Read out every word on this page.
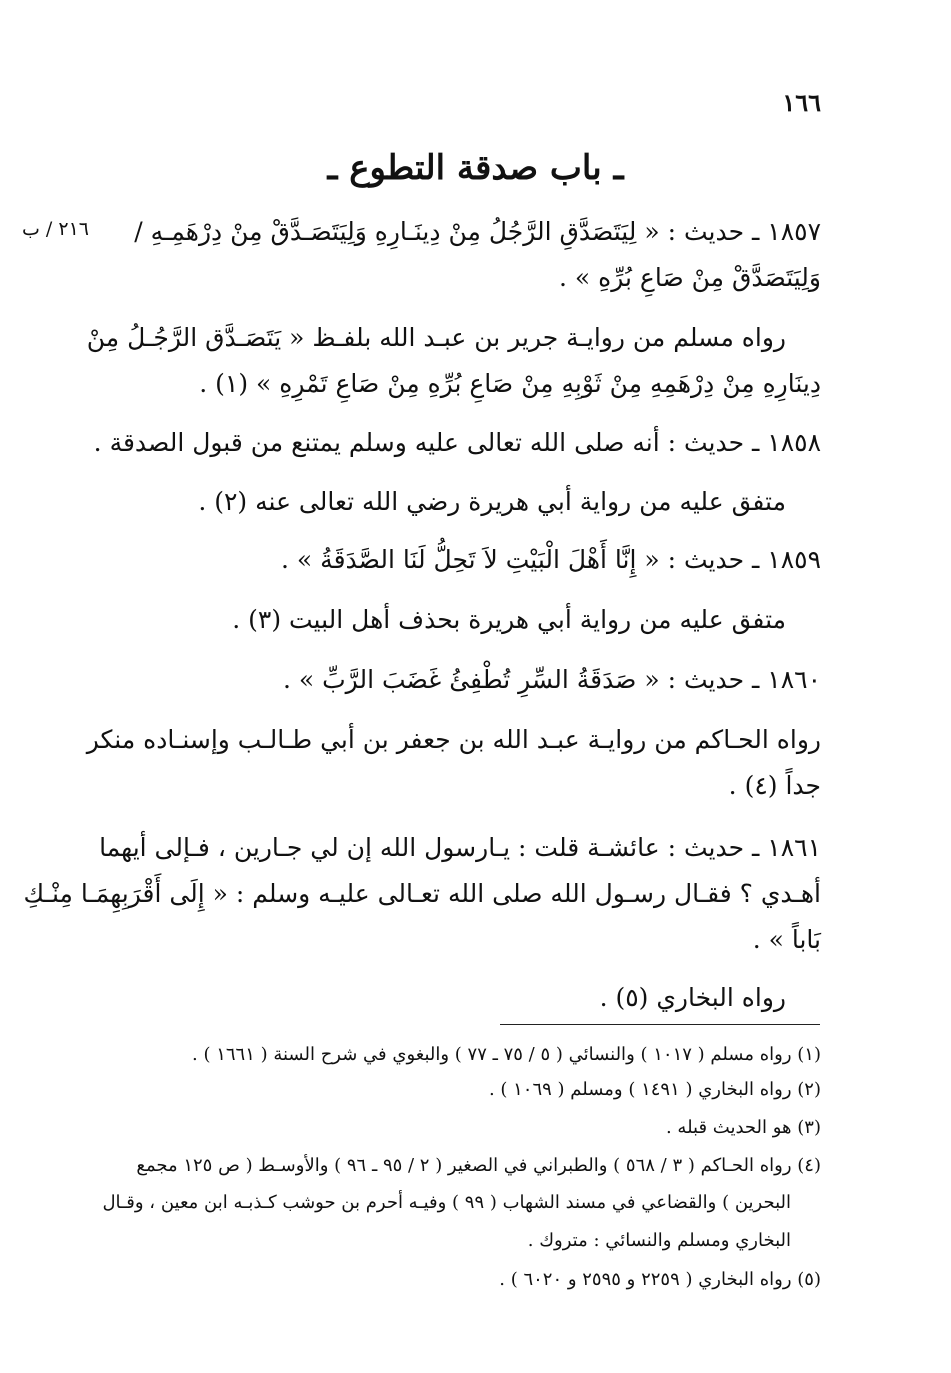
١٦٦
ـ باب صدقة التطوع ـ
٢١٦ / ب ١٨٥٧ ـ حديث : « لِيَتَصَدَّقِ الرَّجُلُ مِنْ دِينَـارِهِ وَلِيَتَصَـدَّقْ مِنْ دِرْهَمِـهِ /
وَلِيَتَصَدَّقْ مِنْ صَاعِ بُرِّهِ » .
رواه مسلم من روايـة جرير بن عبـد الله بلفـظ « يَتَصَـدَّق الرَّجُـلُ مِنْ
دِينَارِهِ مِنْ دِرْهَمِهِ مِنْ ثَوْبِهِ مِنْ صَاعِ بُرِّهِ مِنْ صَاعِ تَمْرِهِ » (١) .
١٨٥٨ ـ حديث : أنه صلى الله تعالى عليه وسلم يمتنع من قبول الصدقة .
متفق عليه من رواية أبي هريرة رضي الله تعالى عنه (٢) .
١٨٥٩ ـ حديث : « إِنَّا أَهْلَ الْبَيْتِ لاَ تَحِلُّ لَنَا الصَّدَقَةُ » .
متفق عليه من رواية أبي هريرة بحذف أهل البيت (٣) .
١٨٦٠ ـ حديث : « صَدَقَةُ السِّرِ تُطْفِئُ غَضَبَ الرَّبِّ » .
رواه الحـاكم من روايـة عبـد الله بن جعفر بن أبي طـالـب وإسنـاده منكر
جداً (٤) .
١٨٦١ ـ حديث : عائشـة قلت : يـارسول الله إن لي جـارين ، فـإلى أيهما
أهـدي ؟ فقـال رسـول الله صلى الله تعـالى عليـه وسلم : « إِلَى أَقْرَبِهِمَـا مِنْـكِ
بَاباً » .
رواه البخاري (٥) .
(١) رواه مسلم ( ١٠١٧ ) والنسائي ( ٥ / ٧٥ ـ ٧٧ ) والبغوي في شرح السنة ( ١٦٦١ ) .
(٢) رواه البخاري ( ١٤٩١ ) ومسلم ( ١٠٦٩ ) .
(٣) هو الحديث قبله .
(٤) رواه الحـاكم ( ٣ / ٥٦٨ ) والطبراني في الصغير ( ٢ / ٩٥ ـ ٩٦ ) والأوسـط ( ص ١٢٥ مجمع
البحرين ) والقضاعي في مسند الشهاب ( ٩٩ ) وفيـه أحرم بن حوشب كـذبـه ابن معين ، وقـال
البخاري ومسلم والنسائي : متروك .
(٥) رواه البخاري ( ٢٢٥٩ و ٢٥٩٥ و ٦٠٢٠ ) .
